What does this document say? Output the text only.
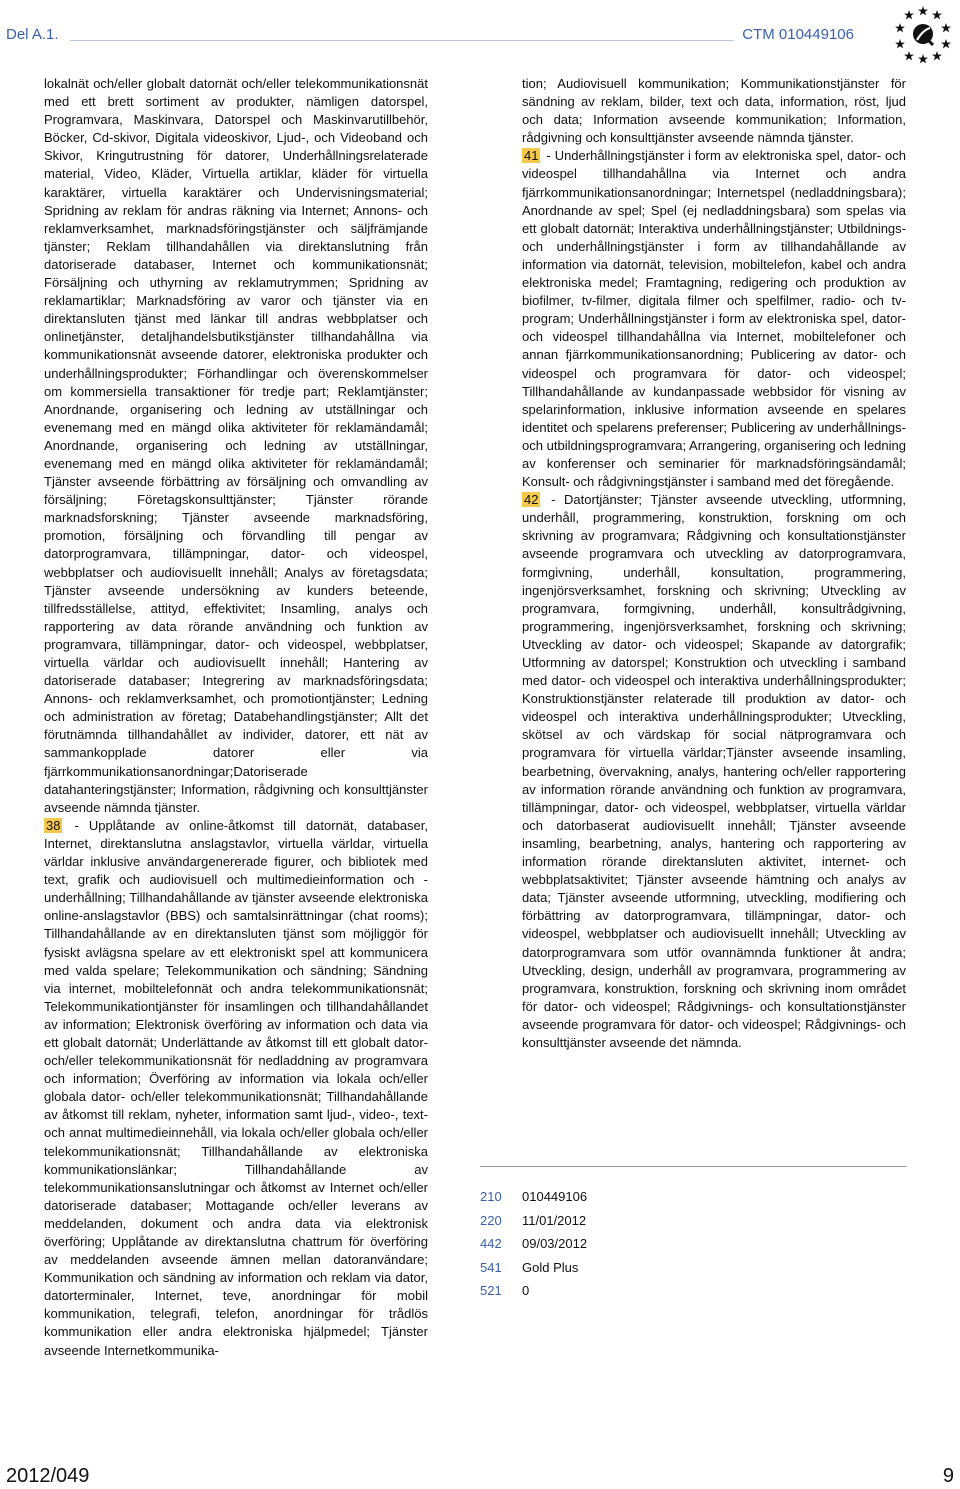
Del A.1.	CTM 010449106

lokalnät och/eller globalt datornät och/eller telekommunikationsnät med ett brett sortiment av produkter, nämligen datorspel, Programvara, Maskinvara, Datorspel och Maskinvarutillbehör, Böcker, Cd-skivor, Digitala videoskivor, Ljud-, och Videoband och Skivor, Kringutrustning för datorer, Underhållningsrelaterade material, Video, Kläder, Virtuella artiklar, kläder för virtuella karaktärer, virtuella karaktärer och Undervisningsmaterial; Spridning av reklam för andras räkning via Internet; Annons- och reklamverksamhet, marknadsföringstjänster och säljfrämjande tjänster; Reklam tillhandahållen via direktanslutning från datoriserade databaser, Internet och kommunikationsnät; Försäljning och uthyrning av reklamutrymmen; Spridning av reklamartiklar; Marknadsföring av varor och tjänster via en direktansluten tjänst med länkar till andras webbplatser och onlinetjänster, detaljhandelsbutikstjänster tillhandahållna via kommunikationsnät avseende datorer, elektroniska produkter och underhållningsprodukter; Förhandlingar och överenskommelser om kommersiella transaktioner för tredje part; Reklamtjänster; Anordnande, organisering och ledning av utställningar och evenemang med en mängd olika aktiviteter för reklamändamål; Anordnande, organisering och ledning av utställningar, evenemang med en mängd olika aktiviteter för reklamändamål; Tjänster avseende förbättring av försäljning och omvandling av försäljning; Företagskonsulttjänster; Tjänster rörande marknadsforskning; Tjänster avseende marknadsföring, promotion, försäljning och förvandling till pengar av datorprogramvara, tillämpningar, dator- och videospel, webbplatser och audiovisuellt innehåll; Analys av företagsdata; Tjänster avseende undersökning av kunders beteende, tillfredsställelse, attityd, effektivitet; Insamling, analys och rapportering av data rörande användning och funktion av programvara, tillämpningar, dator- och videospel, webbplatser, virtuella världar och audiovisuellt innehåll; Hantering av datoriserade databaser; Integrering av marknadsföringsdata; Annons- och reklamverksamhet, och promotiontjänster; Ledning och administration av företag; Databehandlingstjänster; Allt det förutnämnda tillhandahållet av individer, datorer, ett nät av sammankopplade datorer eller via fjärrkommunikationsanordningar;Datoriserade datahanteringstjänster; Information, rådgivning och konsulttjänster avseende nämnda tjänster.

38 - Upplåtande av online-åtkomst till datornät, databaser, Internet, direktanslutna anslagstavlor, virtuella världar, virtuella världar inklusive användargenererade figurer, och bibliotek med text, grafik och audiovisuell och multimedieinformation och -underhållning; Tillhandahållande av tjänster avseende elektroniska online-anslagstavlor (BBS) och samtalsinrättningar (chat rooms); Tillhandahållande av en direktansluten tjänst som möjliggör för fysiskt avlägsna spelare av ett elektroniskt spel att kommunicera med valda spelare; Telekommunikation och sändning; Sändning via internet, mobiltelefonnät och andra telekommunikationsnät; Telekommunikationtjänster för insamlingen och tillhandahållandet av information; Elektronisk överföring av information och data via ett globalt datornät; Underlättande av åtkomst till ett globalt dator- och/eller telekommunikationsnät för nedladdning av programvara och information; Överföring av information via lokala och/eller globala dator- och/eller telekommunikationsnät; Tillhandahållande av åtkomst till reklam, nyheter, information samt ljud-, video-, text- och annat multimedieinnehåll, via lokala och/eller globala och/eller telekommunikationsnät; Tillhandahållande av elektroniska kommunikationslänkar; Tillhandahållande av telekommunikationsanslutningar och åtkomst av Internet och/eller datoriserade databaser; Mottagande och/eller leverans av meddelanden, dokument och andra data via elektronisk överföring; Upplåtande av direktanslutna chattrum för överföring av meddelanden avseende ämnen mellan datoranvändare; Kommunikation och sändning av information och reklam via dator, datorterminaler, Internet, teve, anordningar för mobil kommunikation, telegrafi, telefon, anordningar för trådlös kommunikation eller andra elektroniska hjälpmedel; Tjänster avseende Internetkommunika-

tion; Audiovisuell kommunikation; Kommunikationstjänster för sändning av reklam, bilder, text och data, information, röst, ljud och data; Information avseende kommunikation; Information, rådgivning och konsulttjänster avseende nämnda tjänster.

41 - Underhållningstjänster i form av elektroniska spel, dator- och videospel tillhandahållna via Internet och andra fjärrkommunikationsanordningar; Internetspel (nedladdningsbara); Anordnande av spel; Spel (ej nedladdningsbara) som spelas via ett globalt datornät; Interaktiva underhållningstjänster; Utbildnings- och underhållningstjänster i form av tillhandahållande av information via datornät, television, mobiltelefon, kabel och andra elektroniska medel; Framtagning, redigering och produktion av biofilmer, tv-filmer, digitala filmer och spelfilmer, radio- och tv-program; Underhållningstjänster i form av elektroniska spel, dator- och videospel tillhandahållna via Internet, mobiltelefoner och annan fjärrkommunikationsanordning; Publicering av dator- och videospel och programvara för dator- och videospel; Tillhandahållande av kundanpassade webbsidor för visning av spelarinformation, inklusive information avseende en spelares identitet och spelarens preferenser; Publicering av underhållnings- och utbildningsprogramvara; Arrangering, organisering och ledning av konferenser och seminarier för marknadsföringsändamål; Konsult- och rådgivningstjänster i samband med det föregående.

42 - Datortjänster; Tjänster avseende utveckling, utformning, underhåll, programmering, konstruktion, forskning om och skrivning av programvara; Rådgivning och konsultationstjänster avseende programvara och utveckling av datorprogramvara, formgivning, underhåll, konsultation, programmering, ingenjörsverksamhet, forskning och skrivning; Utveckling av programvara, formgivning, underhåll, konsultrådgivning, programmering, ingenjörsverksamhet, forskning och skrivning; Utveckling av dator- och videospel; Skapande av datorgrafik; Utformning av datorspel; Konstruktion och utveckling i samband med dator- och videospel och interaktiva underhållningsprodukter; Konstruktionstjänster relaterade till produktion av dator- och videospel och interaktiva underhållningsprodukter; Utveckling, skötsel av och värdskap för social nätprogramvara och programvara för virtuella världar;Tjänster avseende insamling, bearbetning, övervakning, analys, hantering och/eller rapportering av information rörande användning och funktion av programvara, tillämpningar, dator- och videospel, webbplatser, virtuella världar och datorbaserat audiovisuellt innehåll; Tjänster avseende insamling, bearbetning, analys, hantering och rapportering av information rörande direktansluten aktivitet, internet- och webbplatsaktivitet; Tjänster avseende hämtning och analys av data; Tjänster avseende utformning, utveckling, modifiering och förbättring av datorprogramvara, tillämpningar, dator- och videospel, webbplatser och audiovisuellt innehåll; Utveckling av datorprogramvara som utför ovannämnda funktioner åt andra; Utveckling, design, underhåll av programvara, programmering av programvara, konstruktion, forskning och skrivning inom området för dator- och videospel; Rådgivnings- och konsultationstjänster avseende programvara för dator- och videospel; Rådgivnings- och konsulttjänster avseende det nämnda.

210	010449106
220	11/01/2012
442	09/03/2012
541	Gold Plus
521	0
2012/049	9
